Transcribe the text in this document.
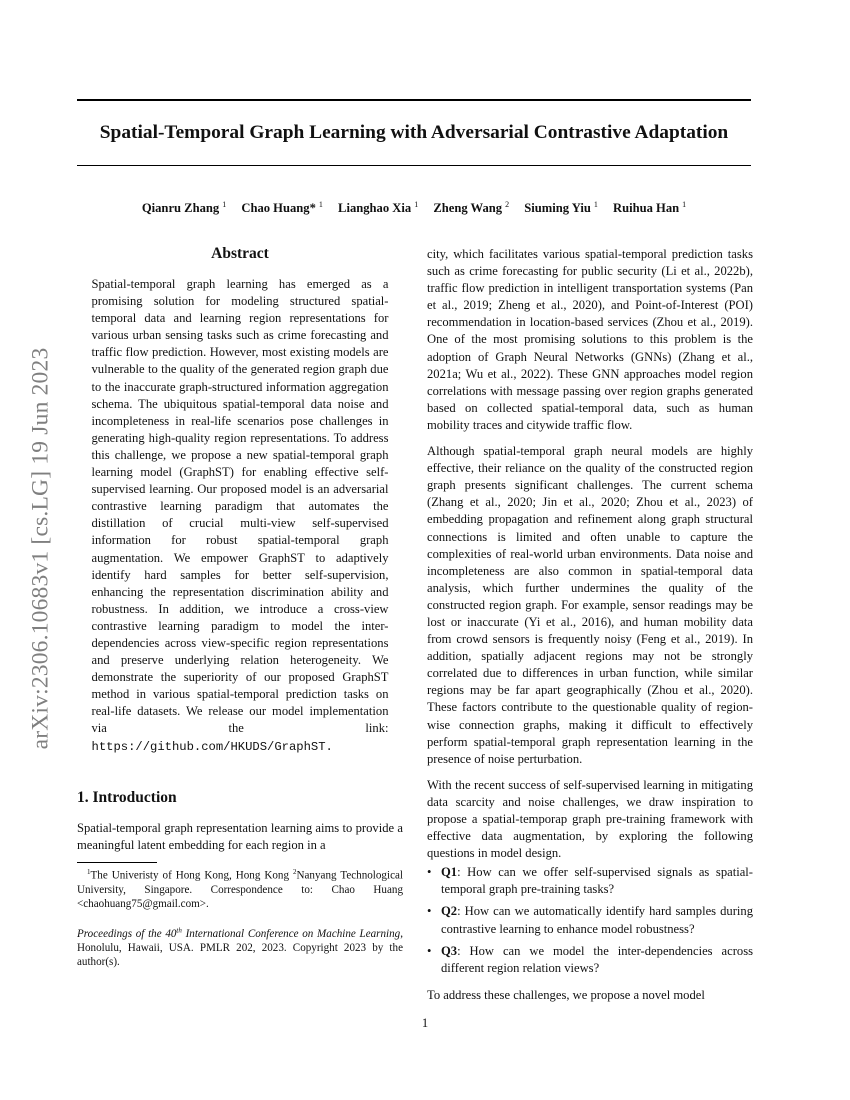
Spatial-Temporal Graph Learning with Adversarial Contrastive Adaptation
Qianru Zhang $^1$ Chao Huang* $^1$ Lianghao Xia $^1$ Zheng Wang $^2$ Siuming Yiu $^1$ Ruihua Han $^1$
arXiv:2306.10683v1 [cs.LG] 19 Jun 2023
Abstract

Spatial-temporal graph learning has emerged as a promising solution for modeling structured spatial-temporal data and learning region representations for various urban sensing tasks such as crime forecasting and traffic flow prediction. However, most existing models are vulnerable to the quality of the generated region graph due to the inaccurate graph-structured information aggregation schema. The ubiquitous spatial-temporal data noise and incompleteness in real-life scenarios pose challenges in generating high-quality region representations. To address this challenge, we propose a new spatial-temporal graph learning model (GraphST) for enabling effective self-supervised learning. Our proposed model is an adversarial contrastive learning paradigm that automates the distillation of crucial multi-view self-supervised information for robust spatial-temporal graph augmentation. We empower GraphST to adaptively identify hard samples for better self-supervision, enhancing the representation discrimination ability and robustness. In addition, we introduce a cross-view contrastive learning paradigm to model the inter-dependencies across view-specific region representations and preserve underlying relation heterogeneity. We demonstrate the superiority of our proposed GraphST method in various spatial-temporal prediction tasks on real-life datasets. We release our model implementation via the link: https://github.com/HKUDS/GraphST.

1. Introduction

Spatial-temporal graph representation learning aims to provide a meaningful latent embedding for each region in a

$^1$The Univeristy of Hong Kong, Hong Kong $^2$Nanyang Technological University, Singapore. Correspondence to: Chao Huang <chaohuang75@gmail.com>.

Proceedings of the 40th International Conference on Machine Learning, Honolulu, Hawaii, USA. PMLR 202, 2023. Copyright 2023 by the author(s).

city, which facilitates various spatial-temporal prediction tasks such as crime forecasting for public security (Li et al., 2022b), traffic flow prediction in intelligent transportation systems (Pan et al., 2019; Zheng et al., 2020), and Point-of-Interest (POI) recommendation in location-based services (Zhou et al., 2019). One of the most promising solutions to this problem is the adoption of Graph Neural Networks (GNNs) (Zhang et al., 2021a; Wu et al., 2022). These GNN approaches model region correlations with message passing over region graphs generated based on collected spatial-temporal data, such as human mobility traces and citywide traffic flow.

Although spatial-temporal graph neural models are highly effective, their reliance on the quality of the constructed region graph presents significant challenges. The current schema (Zhang et al., 2020; Jin et al., 2020; Zhou et al., 2023) of embedding propagation and refinement along graph structural connections is limited and often unable to capture the complexities of real-world urban environments. Data noise and incompleteness are also common in spatial-temporal data analysis, which further undermines the quality of the constructed region graph. For example, sensor readings may be lost or inaccurate (Yi et al., 2016), and human mobility data from crowd sensors is frequently noisy (Feng et al., 2019). In addition, spatially adjacent regions may not be strongly correlated due to differences in urban function, while similar regions may be far apart geographically (Zhou et al., 2020). These factors contribute to the questionable quality of region-wise connection graphs, making it difficult to effectively perform spatial-temporal graph representation learning in the presence of noise perturbation.

With the recent success of self-supervised learning in mitigating data scarcity and noise challenges, we draw inspiration to propose a spatial-temporap graph pre-training framework with effective data augmentation, by exploring the following questions in model design.

• Q1: How can we offer self-supervised signals as spatial-temporal graph pre-training tasks?
• Q2: How can we automatically identify hard samples during contrastive learning to enhance model robustness?
• Q3: How can we model the inter-dependencies across different region relation views?

To address these challenges, we propose a novel model

1
